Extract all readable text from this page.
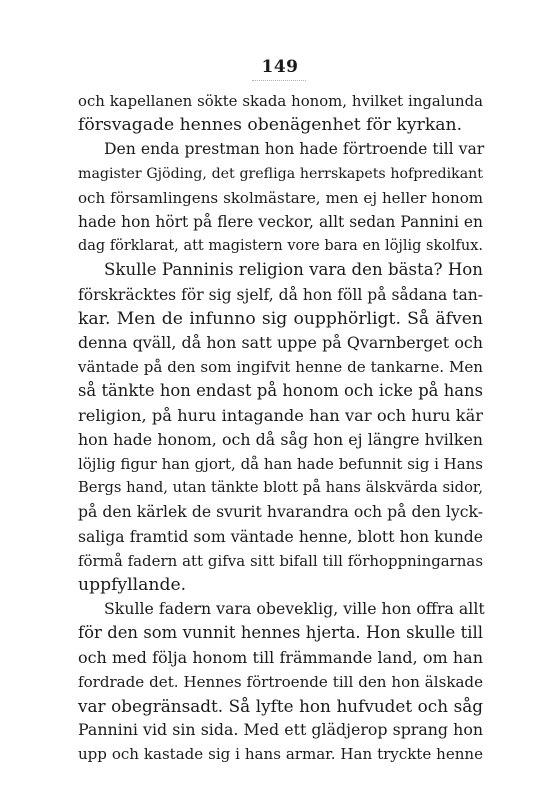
149

och kapellanen sökte skada honom, hvilket ingalunda

försvagade hennes obenägenhet för kyrkan.

Den enda prestman hon hade förtroende till var

magister Gjöding, det grefliga herrskapets hofpredikant

och församlingens skolmästare, men ej heller honom

hade hon hört på flere veckor, allt sedan Pannini en

dag förklarat, att magistern vore bara en löjlig skolfux.

Skulle Panninis religion vara den bästa? Hon

förskräcktes för sig sjelf, då hon föll på sådana tan-

kar. Men de infunno sig oupphörligt. Så äfven

denna qväll, då hon satt uppe på Qvarnberget och

väntade på den som ingifvit henne de tankarne. Men

så tänkte hon endast på honom och icke på hans

religion, på huru intagande han var och huru kär

hon hade honom, och då såg hon ej längre hvilken

löjlig figur han gjort, då han hade befunnit sig i Hans

Bergs hand, utan tänkte blott på hans älskvärda sidor,

på den kärlek de svurit hvarandra och på den lyck-

saliga framtid som väntade henne, blott hon kunde

förmå fadern att gifva sitt bifall till förhoppningarnas

uppfyllande.

Skulle fadern vara obeveklig, ville hon offra allt

för den som vunnit hennes hjerta. Hon skulle till

och med följa honom till främmande land, om han

fordrade det. Hennes förtroende till den hon älskade

var obegränsadt. Så lyfte hon hufvudet och såg

Pannini vid sin sida. Med ett glädjerop sprang hon

upp och kastade sig i hans armar. Han tryckte henne
